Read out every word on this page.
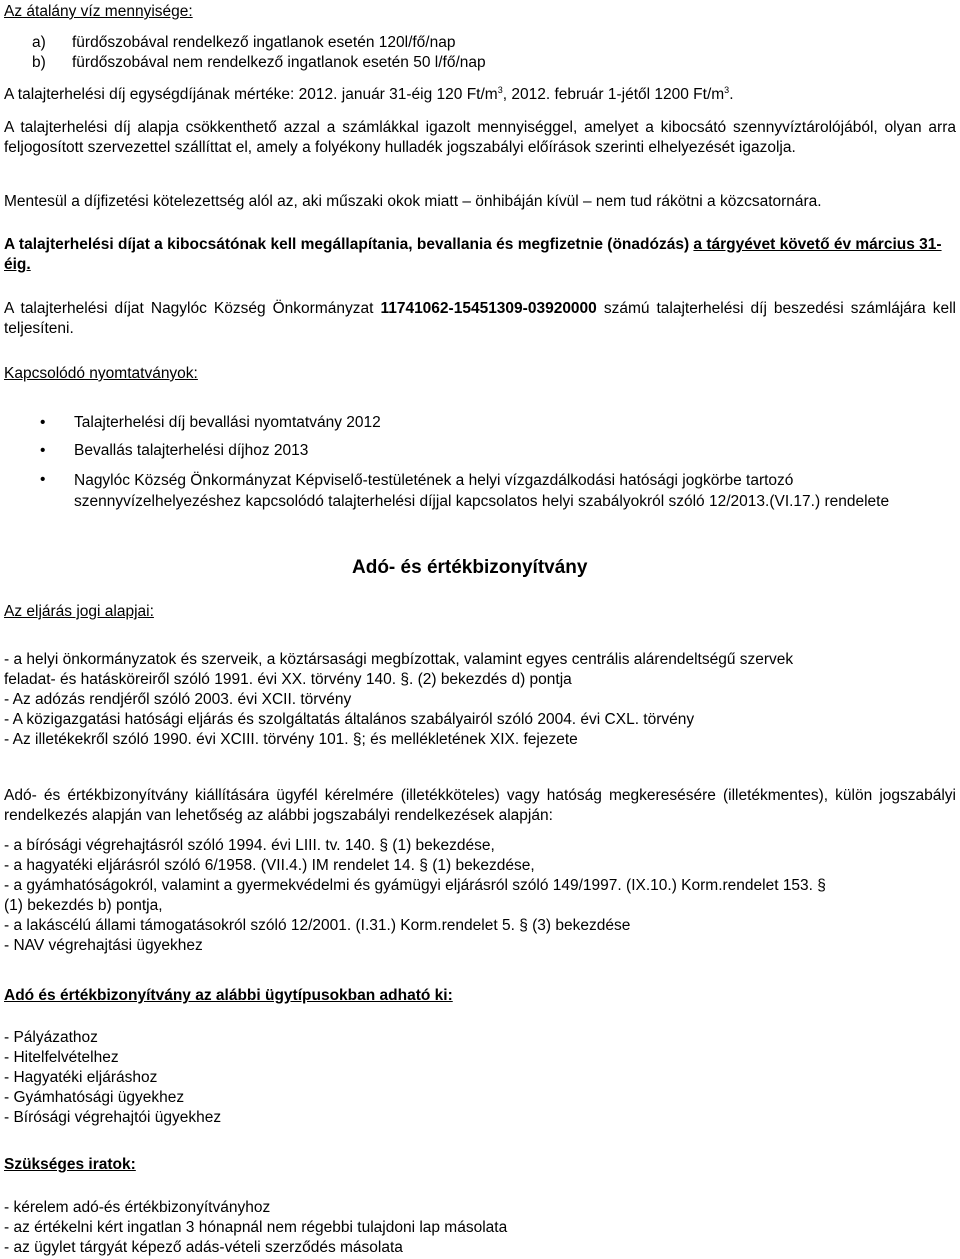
Az átalány víz mennyisége:

a)	fürdőszobával rendelkező ingatlanok esetén 120l/fő/nap
b)	fürdőszobával nem rendelkező ingatlanok esetén 50 l/fő/nap

A talajterhelési díj egységdíjának mértéke: 2012. január 31-éig 120 $Ft/m^3$, 2012. február 1-jétől 1200 $Ft/m^3$.

A talajterhelési díj alapja csökkenthető azzal a számlákkal igazolt mennyiséggel, amelyet a kibocsátó szennyvíztárolójából, olyan arra feljogosított szervezettel szállíttat el, amely a folyékony hulladék jogszabályi előírások szerinti elhelyezését igazolja.

Mentesül a díjfizetési kötelezettség alól az, aki műszaki okok miatt – önhibáján kívül – nem tud rákötni a közcsatornára.

A talajterhelési díjat a kibocsátónak kell megállapítania, bevallania és megfizetnie (önadózás) a tárgyévet követő év március 31-éig.

A talajterhelési díjat Nagylóc Község Önkormányzat 11741062-15451309-03920000 számú talajterhelési díj beszedési számlájára kell teljesíteni.

Kapcsolódó nyomtatványok:

•	Talajterhelési díj bevallási nyomtatvány 2012

•	Bevallás talajterhelési díjhoz 2013

•	Nagylóc Község Önkormányzat Képviselő-testületének a helyi vízgazdálkodási hatósági jogkörbe tartozó szennyvízelhelyezéshez kapcsolódó talajterhelési díjjal kapcsolatos helyi szabályokról szóló 12/2013.(VI.17.) rendelete

Adó- és értékbizonyítvány

Az eljárás jogi alapjai:

- a helyi önkormányzatok és szerveik, a köztársasági megbízottak, valamint egyes centrális alárendeltségű szervek
feladat- és hatásköreiről szóló 1991. évi XX. törvény 140. §. (2) bekezdés d) pontja
- Az adózás rendjéről szóló 2003. évi XCII. törvény
- A közigazgatási hatósági eljárás és szolgáltatás általános szabályairól szóló 2004. évi CXL. törvény
- Az illetékekről szóló 1990. évi XCIII. törvény 101. §; és mellékletének XIX. fejezete

Adó- és értékbizonyítvány kiállítására ügyfél kérelmére (illetékköteles) vagy hatóság megkeresésére (illetékmentes), külön jogszabályi rendelkezés alapján van lehetőség az alábbi jogszabályi rendelkezések alapján:

- a bírósági végrehajtásról szóló 1994. évi LIII. tv. 140. § (1) bekezdése,
- a hagyatéki eljárásról szóló 6/1958. (VII.4.) IM rendelet 14. § (1) bekezdése,
- a gyámhatóságokról, valamint a gyermekvédelmi és gyámügyi eljárásról szóló 149/1997. (IX.10.) Korm.rendelet 153. §
(1) bekezdés b) pontja,
- a lakáscélú állami támogatásokról szóló 12/2001. (I.31.) Korm.rendelet 5. § (3) bekezdése
- NAV végrehajtási ügyekhez

Adó és értékbizonyítvány az alábbi ügytípusokban adható ki:

- Pályázathoz
- Hitelfelvételhez
- Hagyatéki eljáráshoz
- Gyámhatósági ügyekhez
- Bírósági végrehajtói ügyekhez

Szükséges iratok:

- kérelem adó-és értékbizonyítványhoz
- az értékelni kért ingatlan 3 hónapnál nem régebbi tulajdoni lap másolata
- az ügylet tárgyát képező adás-vételi szerződés másolata
